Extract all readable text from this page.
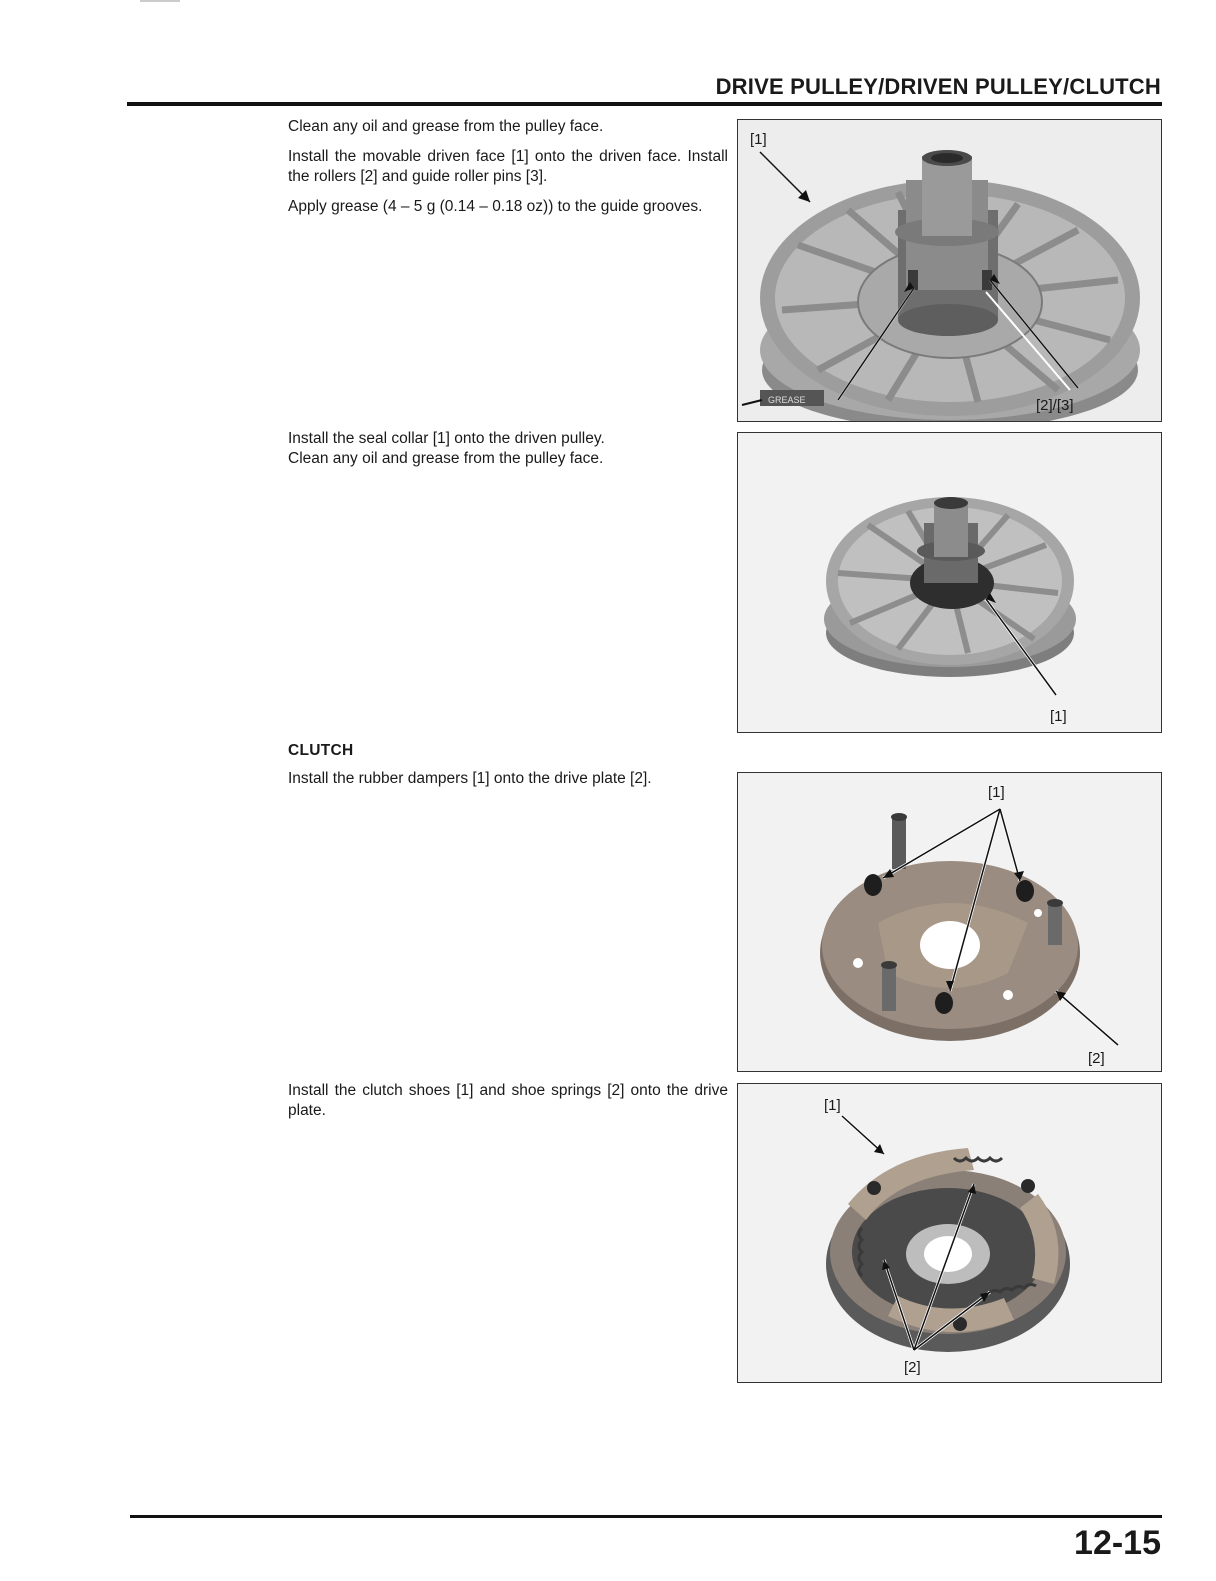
DRIVE PULLEY/DRIVEN PULLEY/CLUTCH

Clean any oil and grease from the pulley face.

Install the movable driven face [1] onto the driven face. Install the rollers [2] and guide roller pins [3].

Apply grease (4 – 5 g (0.14 – 0.18 oz)) to the guide grooves.

GREASE
[1]
[2]/[3]

Install the seal collar [1] onto the driven pulley.

Clean any oil and grease from the pulley face.

[1]
CLUTCH

Install the rubber dampers [1] onto the drive plate [2].

[1]
[2]

Install the clutch shoes [1] and shoe springs [2] onto the drive plate.	[1]
[2]
12-15
